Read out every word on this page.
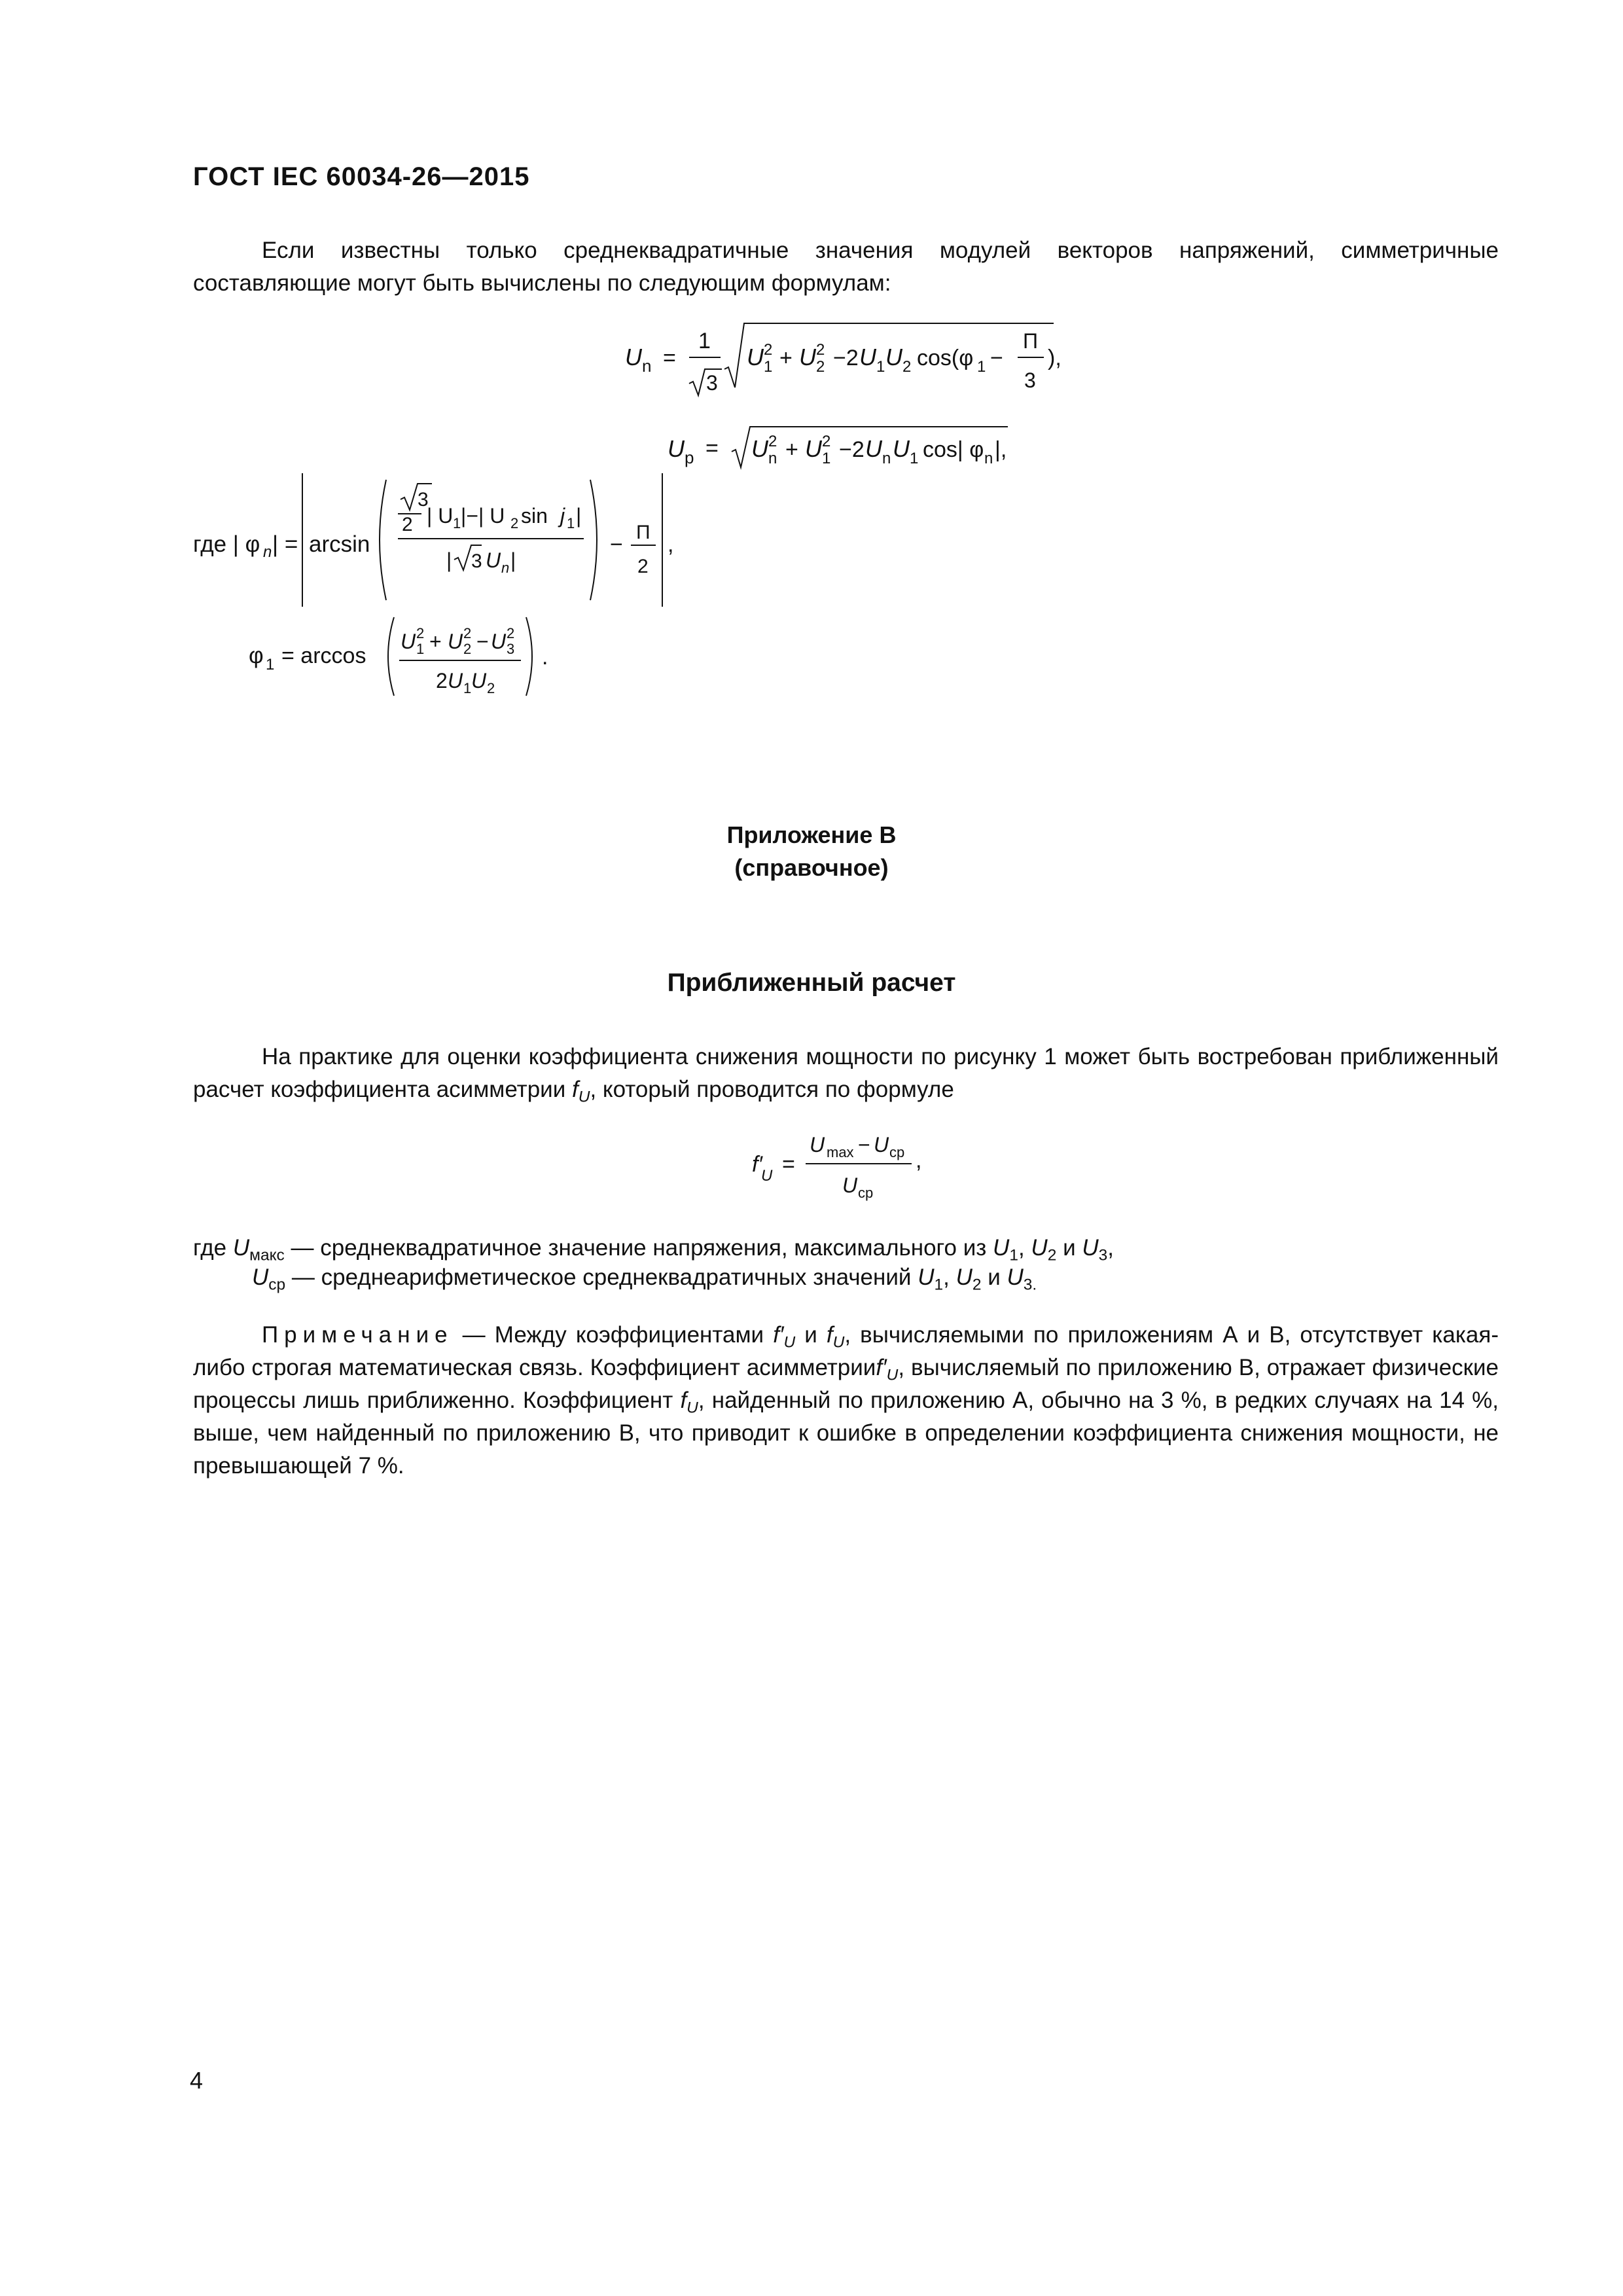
ГОСТ IEC 60034-26—2015
Если известны только среднеквадратичные значения модулей векторов напряжений, симметричные составляющие могут быть вычислены по следующим формулам:
U n =
1
3
U 2
1 + U 2
2 −2 U 1 U 2 cos(φ 1 −
Π
3
),
U p = U 2
n + U 2
1 −2 U n U 1 cos| φ n |,
где | φ n | = arcsin
3
2 | U 1 |−| U 2 sin j 1 |
| 3 U n |
− Π
2
,
φ 1 = arccos
U 2
1 + U 2
2 − U 2
3
2 U 1 U 2
.
Приложение В
(справочное)
Приближенный расчет
На практике для оценки коэффициента снижения мощности по рисунку 1 может быть востребован приближенный расчет коэффициента асимметрии $f_U$, который проводится по формуле
f′
U =
U max − U cp
U cp
,
где $U_{макс}$ — среднеквадратичное значение напряжения, максимального из $U_1$, $U_2$ и $U_3$,
$U_{ср}$ — среднеарифметическое среднеквадратичных значений $U_1$, $U_2$ и $U_{3.}$
Примечание — Между коэффициентами $f'_U$ и $f_U$, вычисляемыми по приложениям А и В, отсутствует какая-либо строгая математическая связь. Коэффициент $асимметрииf'_U$, вычисляемый по приложению В, отражает физические процессы лишь приближенно. Коэффициент $f_U$, найденный по приложению А, обычно на 3 %, в редких случаях на 14 %, выше, чем найденный по приложению В, что приводит к ошибке в определении коэффициента снижения мощности, не превышающей 7 %.
4
